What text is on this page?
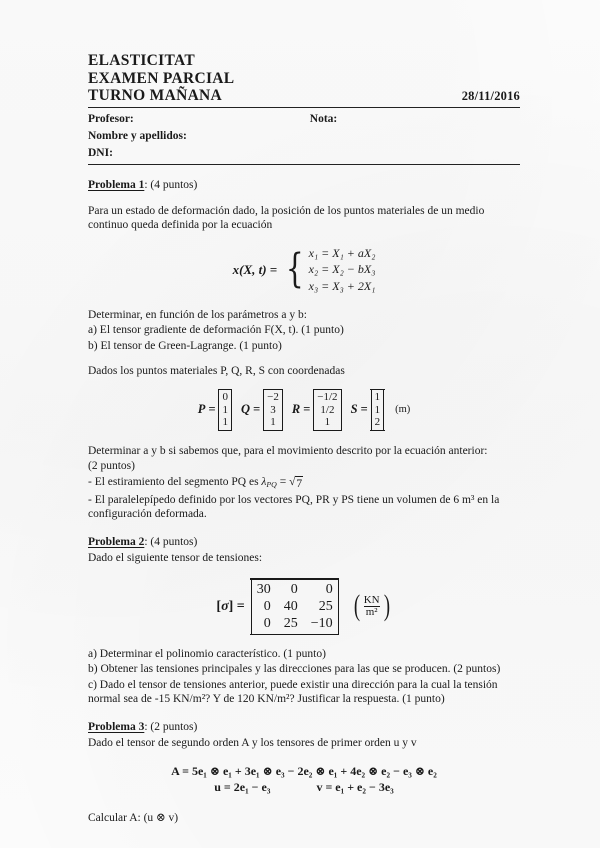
ELASTICITAT
EXAMEN PARCIAL
TURNO MAÑANA	28/11/2016
Profesor:	Nota:
Nombre y apellidos:
DNI:
Problema 1: (4 puntos)

Para un estado de deformación dado, la posición de los puntos materiales de un medio continuo queda definida por la ecuación

x(X, t) = { x₁ = X₁ + aX₂
x₂ = X₂ − bX₃
x₃ = X₃ + 2X₁

Determinar, en función de los parámetros a y b:

a) El tensor gradiente de deformación F(X, t). (1 punto)

b) El tensor de Green-Lagrange. (1 punto)

Dados los puntos materiales P, Q, R, S con coordenadas

P =
0
1
1
Q =
−2
3
1
R =
−1/2
1/2
1
S =
1
1
2
(m)

Determinar a y b si sabemos que, para el movimiento descrito por la ecuación anterior:

(2 puntos)

- El estiramiento del segmento PQ es $\lambda_{PQ}$ = √ 7

- El paralelepípedo definido por los vectores PQ, PR y PS tiene un volumen de 6 m³ en la configuración deformada.

Problema 2: (4 puntos)

Dado el siguiente tensor de tensiones:

[σ] =
30	0	0
0 40	25
0 25 −10
( $\frac{KN}{\text{m²}}$ )

a) Determinar el polinomio característico. (1 punto)

b) Obtener las tensiones principales y las direcciones para las que se producen. (2 puntos)

c) Dado el tensor de tensiones anterior, puede existir una dirección para la cual la tensión normal sea de -15 KN/m²? Y de 120 KN/m²? Justificar la respuesta. (1 punto)

Problema 3: (2 puntos)

Dado el tensor de segundo orden A y los tensores de primer orden u y v

A = 5e₁ ⊗ e₁ + 3e₁ ⊗ e₃ − 2e₂ ⊗ e₁ + 4e₂ ⊗ e₂ − e₃ ⊗ e₂
u = 2e₁ − e₃	v = e₁ + e₂ − 3e₃

Calcular A: (u ⊗ v)
